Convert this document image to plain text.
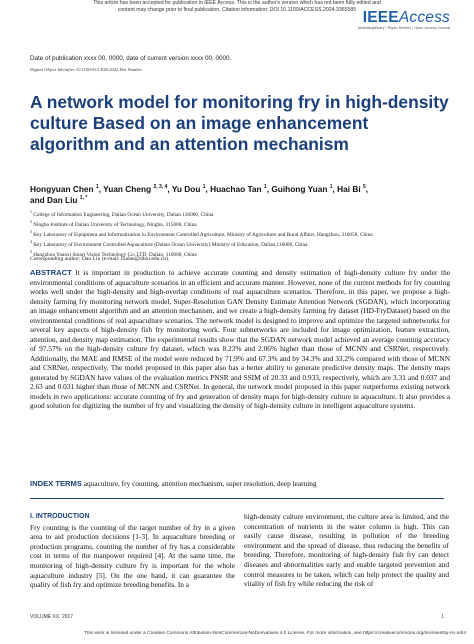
This article has been accepted for publication in IEEE Access. This is the author's version which has not been fully edited and
content may change prior to final publication. Citation information: DOI 10.1109/ACCESS.2024.3365585 IEEEAccess
Multidisciplinary ¦ Rapid Review ¦ Open Access Journal
Date of publication xxxx 00, 0000, date of current version xxxx 00, 0000.
Digital Object Identifier 10.1109/ACCESS.2022.Doi Number
A network model for monitoring fry in high-density culture Based on an image enhancement algorithm and an attention mechanism
Hongyuan Chen $^1$, Yuan Cheng $^{2, 3, 4}$, Yu Dou $^1$, Huachao Tan $^1$, Guihong Yuan $^1$, Hai Bi $^5$,
and Dan Liu $^{1, *}$
$^1$ College of Information Engineering, Dalian Ocean University, Dalian 116000, China
$^2$ Ningbo Institute of Dalian University of Technology, Ningbo, 315000, China
$^3$ Key Laboratory of Equipment and Informatization in Environment Controlled Agriculture, Ministry of Agriculture and Rural Affairs, Hangzhou, 310058, China
$^4$ Key Laboratory of Environment Controlled Aquaculture (Dalian Ocean University) Ministry of Education, Dalian,116000, China
$^5$ Hangzhou Yuanxi Smart Vision Technology Co.,LTD, Dalian, 116000, China
Corresponding author: Dan Liu (e-mail: liudan@dlou.edu.cn).
ABSTRACT It is important in production to achieve accurate counting and density estimation of high-density culture fry under the environmental conditions of aquaculture scenarios in an efficient and accurate manner. However, none of the current methods for fry counting works well under the high-density and high-overlap conditions of real aquaculture scenarios. Therefore, in this paper, we propose a high-density farming fry monitoring network model, Super-Resolution GAN Density Estimate Attention Network (SGDAN), which incorporating an image enhancement algorithm and an attention mechanism, and we create a high-density farming fry dataset (HD-FryDataset) based on the environmental conditions of real aquaculture scenarios. The network model is designed to improve and optimize the targeted subnetworks for several key aspects of high-density fish fry monitoring work. Four subnetworks are included for image optimization, feature extraction, attention, and density map estimation. The experimental results show that the SGDAN network model achieved an average counting accuracy of 97.57% on the high-density culture fry dataset, which was 8.23% and 2.06% higher than those of MCNN and CSRNet, respectively. Additionally, the MAE and RMSE of the model were reduced by 71.9% and 67.3% and by 34.3% and 33.2% compared with those of MCNN and CSRNet, respectively. The model proposed in this paper also has a better ability to generate predictive density maps. The density maps generated by SGDAN have values of the evaluation metrics PNSR and SSIM of 20.33 and 0.933, respectively, which are 3.31 and 0.037 and 2.63 and 0.031 higher than those of MCNN and CSRNet. In general, the network model proposed in this paper outperforms existing network models in two applications: accurate counting of fry and generation of density maps for high-density culture in aquaculture. It also provides a good solution for digitizing the number of fry and visualizing the density of high-density culture in intelligent aquaculture systems.
INDEX TERMS aquaculture, fry counting, attention mechanism, super resolution, deep learning
I. INTRODUCTION
Fry counting is the counting of the target number of fry in a given area to aid production decisions [1-3]. In aquaculture breeding or production programs, counting the number of fry has a considerable cost in terms of the manpower required [4]. At the same time, the monitoring of high-density culture fry is important for the whole aquaculture industry [5]. On the one hand, it can guarantee the quality of fish fry and optimize breeding benefits. In a
high-density culture environment, the culture area is limited, and the concentration of nutrients in the water column is high. This can easily cause disease, resulting in pollution of the breeding environment and the spread of disease, thus reducing the benefits of breeding. Therefore, monitoring of high-density fish fry can detect diseases and abnormalities early and enable targeted prevention and control measures to be taken, which can help protect the quality and vitality of fish fry while reducing the risk of
VOLUME XX, 2017	1
This work is licensed under a Creative Commons Attribution-NonCommercial-NoDerivatives 4.0 License. For more information, see https://creativecommons.org/licenses/by-nc-nd/4
